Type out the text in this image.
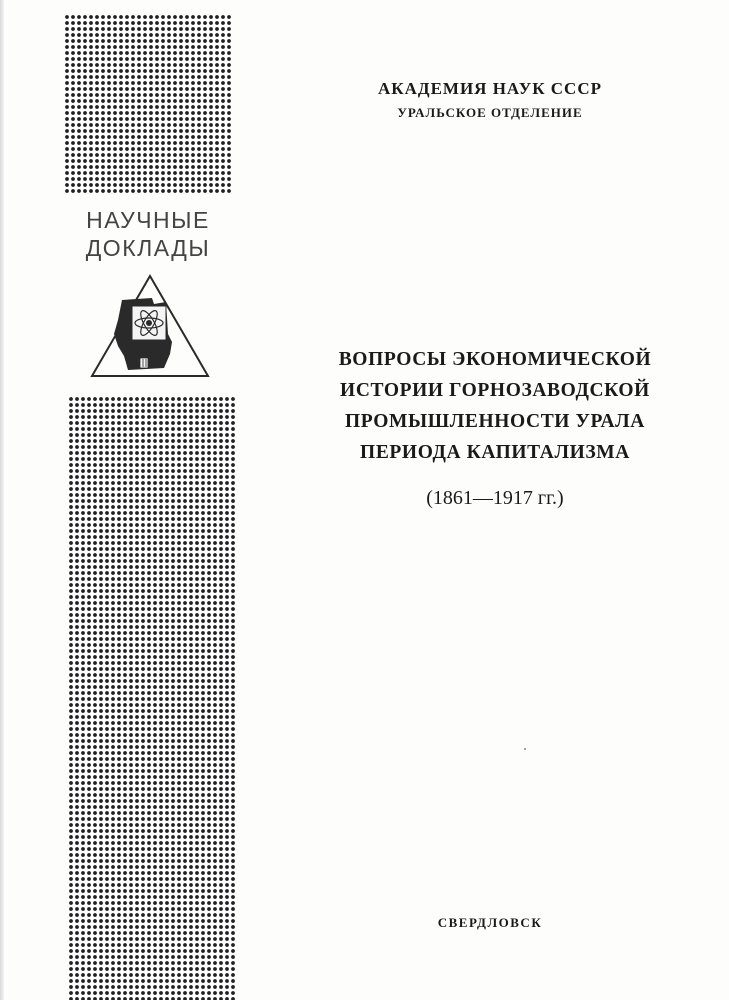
НАУЧНЫЕ
ДОКЛАДЫ
АКАДЕМИЯ НАУК СССР
УРАЛЬСКОЕ ОТДЕЛЕНИЕ
ВОПРОСЫ ЭКОНОМИЧЕСКОЙ
ИСТОРИИ ГОРНОЗАВОДСКОЙ
ПРОМЫШЛЕННОСТИ УРАЛА
ПЕРИОДА КАПИТАЛИЗМА
(1861—1917 гг.)
СВЕРДЛОВСК
